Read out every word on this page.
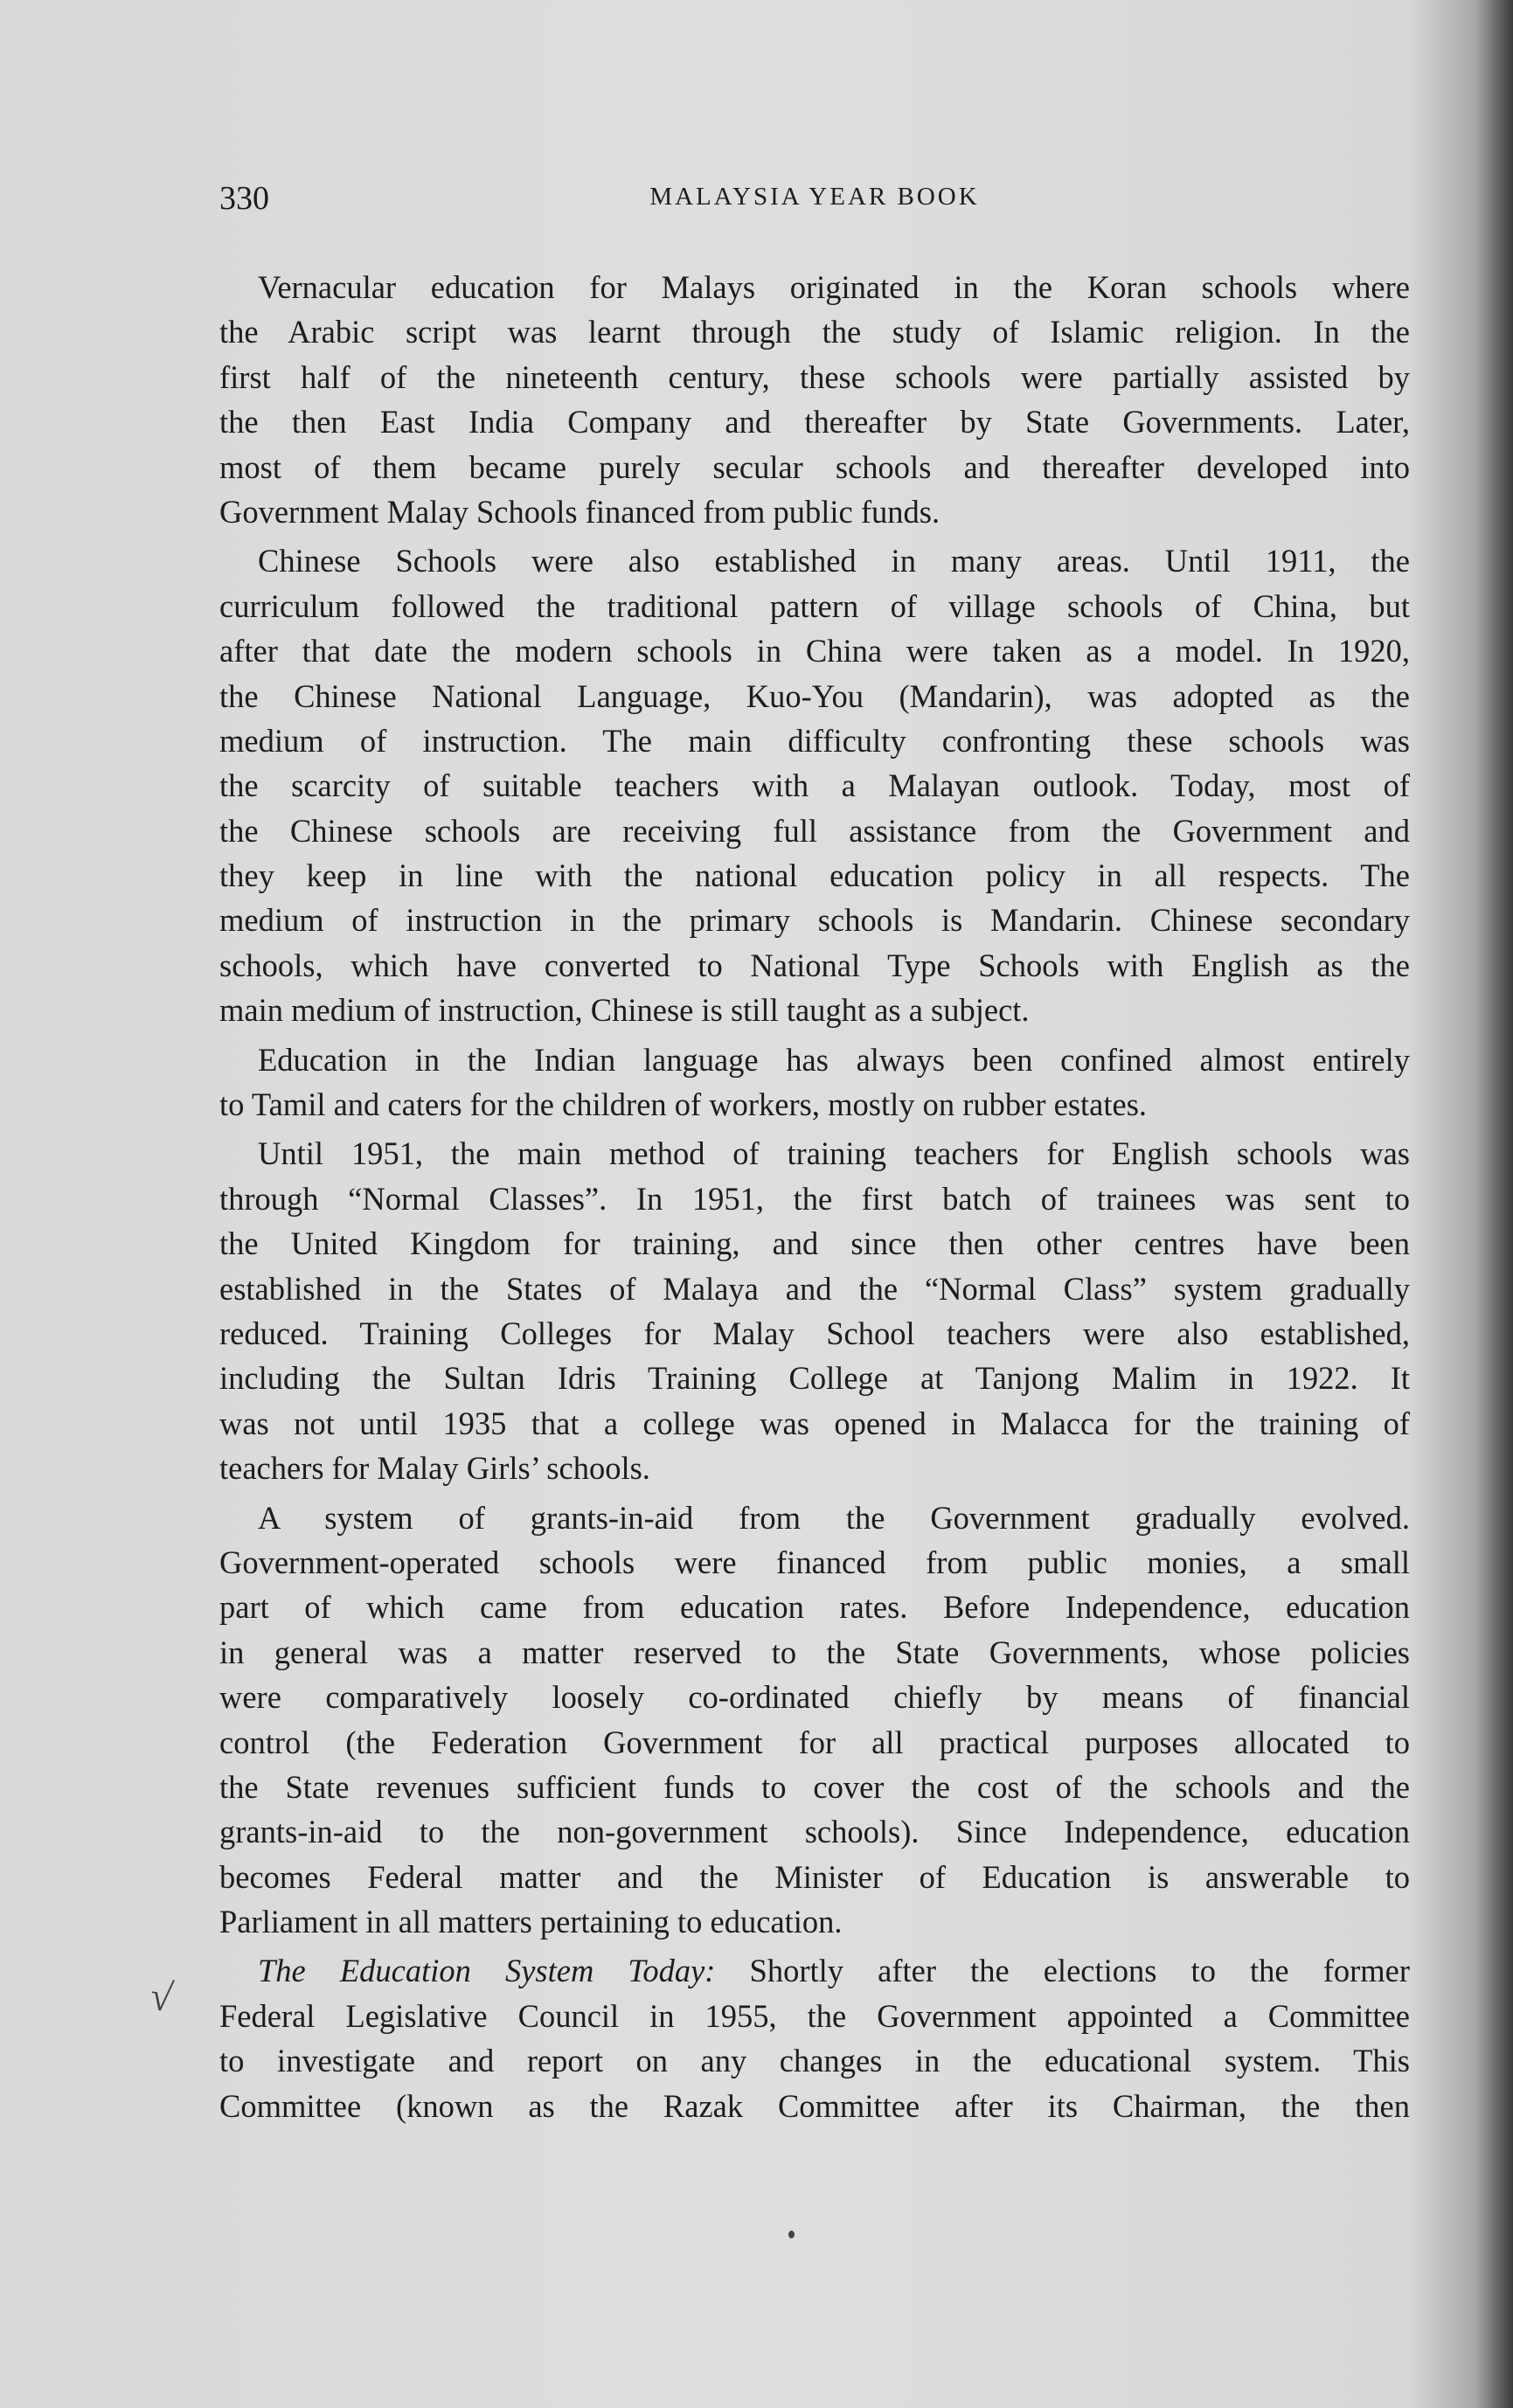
330	MALAYSIA YEAR BOOK
√

Vernacular education for Malays originated in the Koran schools where
the Arabic script was learnt through the study of Islamic religion. In the
first half of the nineteenth century, these schools were partially assisted by
the then East India Company and thereafter by State Governments. Later,
most of them became purely secular schools and thereafter developed into
Government Malay Schools financed from public funds.

Chinese Schools were also established in many areas. Until 1911, the
curriculum followed the traditional pattern of village schools of China, but
after that date the modern schools in China were taken as a model. In 1920,
the Chinese National Language, Kuo-You (Mandarin), was adopted as the
medium of instruction. The main difficulty confronting these schools was
the scarcity of suitable teachers with a Malayan outlook. Today, most of
the Chinese schools are receiving full assistance from the Government and
they keep in line with the national education policy in all respects. The
medium of instruction in the primary schools is Mandarin. Chinese secondary
schools, which have converted to National Type Schools with English as the
main medium of instruction, Chinese is still taught as a subject.

Education in the Indian language has always been confined almost entirely
to Tamil and caters for the children of workers, mostly on rubber estates.

Until 1951, the main method of training teachers for English schools was
through “Normal Classes”. In 1951, the first batch of trainees was sent to
the United Kingdom for training, and since then other centres have been
established in the States of Malaya and the “Normal Class” system gradually
reduced. Training Colleges for Malay School teachers were also established,
including the Sultan Idris Training College at Tanjong Malim in 1922. It
was not until 1935 that a college was opened in Malacca for the training of
teachers for Malay Girls’ schools.

A system of grants-in-aid from the Government gradually evolved.
Government-operated schools were financed from public monies, a small
part of which came from education rates. Before Independence, education
in general was a matter reserved to the State Governments, whose policies
were comparatively loosely co-ordinated chiefly by means of financial
control (the Federation Government for all practical purposes allocated to
the State revenues sufficient funds to cover the cost of the schools and the
grants-in-aid to the non-government schools). Since Independence, education
becomes Federal matter and the Minister of Education is answerable to
Parliament in all matters pertaining to education.

The Education System Today: Shortly after the elections to the former
Federal Legislative Council in 1955, the Government appointed a Committee
to investigate and report on any changes in the educational system. This
Committee (known as the Razak Committee after its Chairman, the then
